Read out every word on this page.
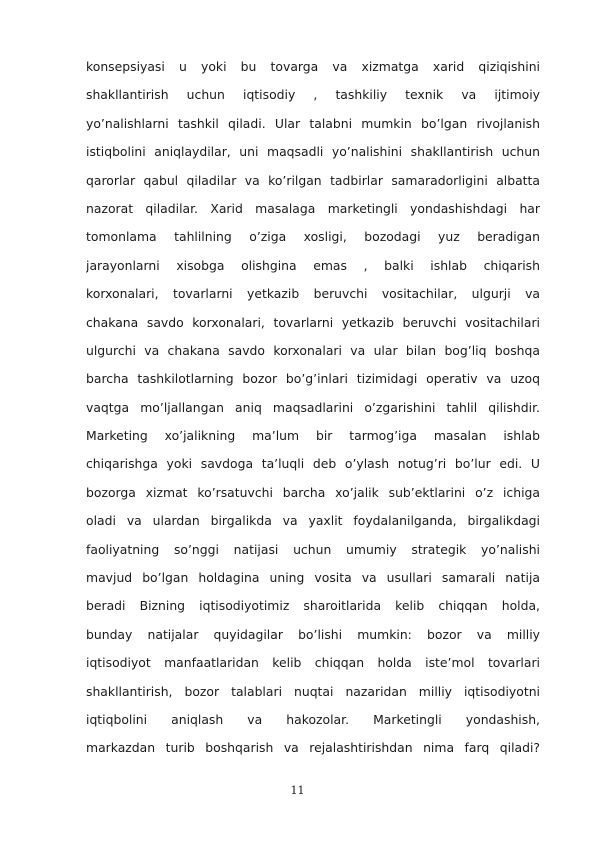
konsepsiyasi u yoki bu tovarga va xizmatga xarid qiziqishini
shakllantirish uchun iqtisodiy , tashkiliy texnik va ijtimoiy
yo’nalishlarni tashkil qiladi. Ular talabni mumkin bo’lgan rivojlanish
istiqbolini aniqlaydilar, uni maqsadli yo’nalishini shakllantirish uchun
qarorlar qabul qiladilar va ko’rilgan tadbirlar samaradorligini albatta
nazorat qiladilar. Xarid masalaga marketingli yondashishdagi har
tomonlama tahlilning o’ziga xosligi, bozodagi yuz beradigan
jarayonlarni xisobga olishgina emas , balki ishlab chiqarish
korxonalari, tovarlarni yetkazib beruvchi vositachilar, ulgurji va
chakana savdo korxonalari, tovarlarni yetkazib beruvchi vositachilari
ulgurchi va chakana savdo korxonalari va ular bilan bog’liq boshqa
barcha tashkilotlarning bozor bo’g’inlari tizimidagi operativ va uzoq
vaqtga mo’ljallangan aniq maqsadlarini o’zgarishini tahlil qilishdir.
Marketing xo’jalikning ma’lum bir tarmog’iga masalan ishlab
chiqarishga yoki savdoga ta’luqli deb o’ylash notug’ri bo’lur edi. U
bozorga xizmat ko’rsatuvchi barcha xo’jalik sub’ektlarini o’z ichiga
oladi va ulardan birgalikda va yaxlit foydalanilganda, birgalikdagi
faoliyatning so’nggi natijasi uchun umumiy strategik yo’nalishi
mavjud bo’lgan holdagina uning vosita va usullari samarali natija
beradi Bizning iqtisodiyotimiz sharoitlarida kelib chiqqan holda,
bunday natijalar quyidagilar bo’lishi mumkin: bozor va milliy
iqtisodiyot manfaatlaridan kelib chiqqan holda iste’mol tovarlari
shakllantirish, bozor talablari nuqtai nazaridan milliy iqtisodiyotni
iqtiqbolini aniqlash va hakozolar. Marketingli yondashish,
markazdan turib boshqarish va rejalashtirishdan nima farq qiladi?
11
